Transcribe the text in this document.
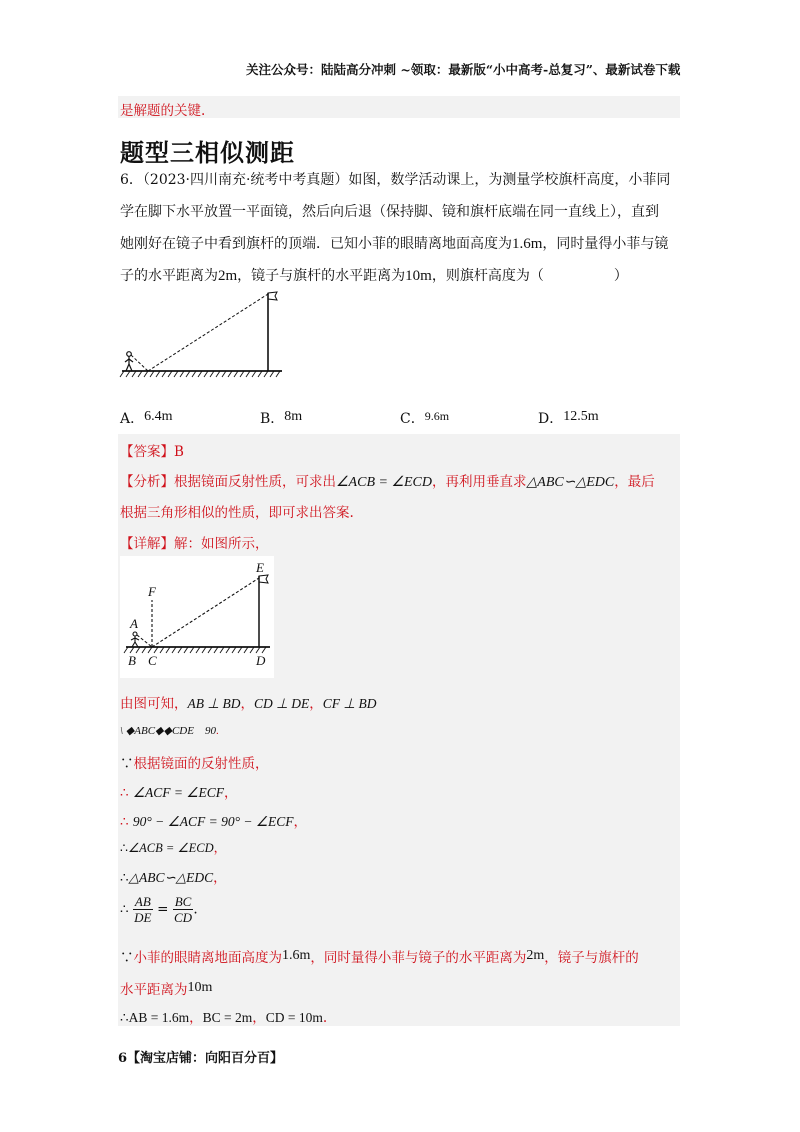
关注公众号：陆陆高分冲刺 ~领取：最新版“小中高考-总复习”、最新试卷下载
是解题的关键.
题型三相似测距
6．（2023·四川南充·统考中考真题）如图，数学活动课上，为测量学校旗杆高度，小菲同
学在脚下水平放置一平面镜，然后向后退（保持脚、镜和旗杆底端在同一直线上），直到
她刚好在镜子中看到旗杆的顶端．已知小菲的眼睛离地面高度为1.6m，同时量得小菲与镜
子的水平距离为2m，镜子与旗杆的水平距离为10m，则旗杆高度为（　　　　　）
A．6.4m	B．8m	C．9.6m	D．12.5m
【答案】B
【分析】根据镜面反射性质，可求出∠ACB = ∠ECD，再利用垂直求△ABC∽△EDC，最后
根据三角形相似的性质，即可求出答案.
【详解】解：如图所示，
A
B C	D
E
F
由图可知，AB ⊥ BD，CD ⊥ DE，CF ⊥ BD
\ ◆ABC◆◆CDE　90.
∵根据镜面的反射性质，
∴ ∠ACF = ∠ECF，
∴ 90° − ∠ACF = 90° − ∠ECF，
∴∠ACB = ∠ECD，
∴△ABC∽△EDC，
∴ $\frac{AB}{DE} = \frac{BC}{CD}$ .
∵小菲的眼睛离地面高度为1.6m，同时量得小菲与镜子的水平距离为2m，镜子与旗杆的
水平距离为10m
∴AB = 1.6m，BC = 2m，CD = 10m.
6【淘宝店铺：向阳百分百】
